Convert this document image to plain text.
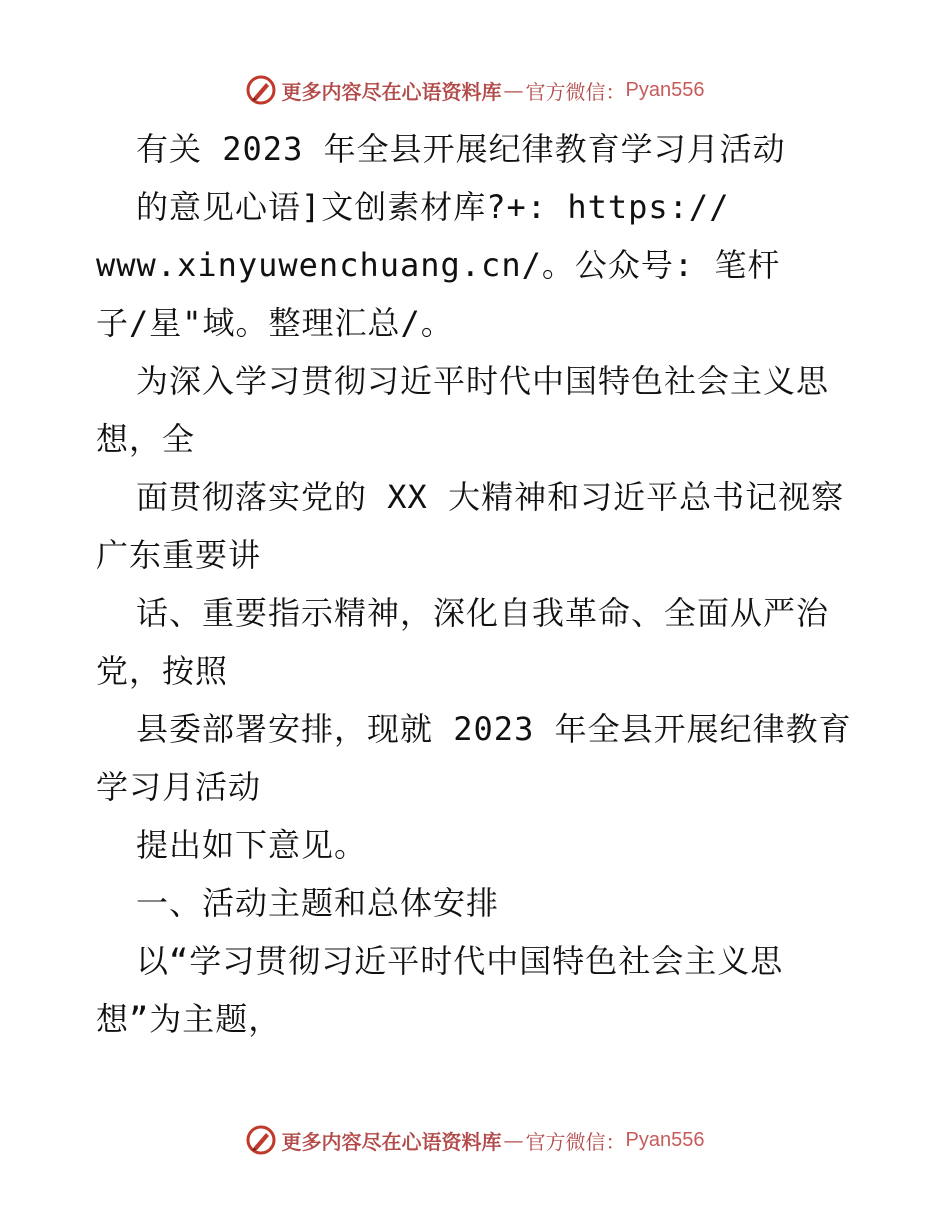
更多内容尽在心语资料库 — 官方微信： Pyan556
有关 2023 年全县开展纪律教育学习月活动
的意见心语]文创素材库?+: https://
www.xinyuwenchuang.cn/。公众号: 笔杆
子/星"域。整理汇总/。
为深入学习贯彻习近平时代中国特色社会主义思
想，全
面贯彻落实党的 XX 大精神和习近平总书记视察
广东重要讲
话、重要指示精神，深化自我革命、全面从严治
党，按照
县委部署安排，现就 2023 年全县开展纪律教育
学习月活动
提出如下意见。
一、活动主题和总体安排
以“学习贯彻习近平时代中国特色社会主义思
想”为主题，
更多内容尽在心语资料库 — 官方微信： Pyan556
